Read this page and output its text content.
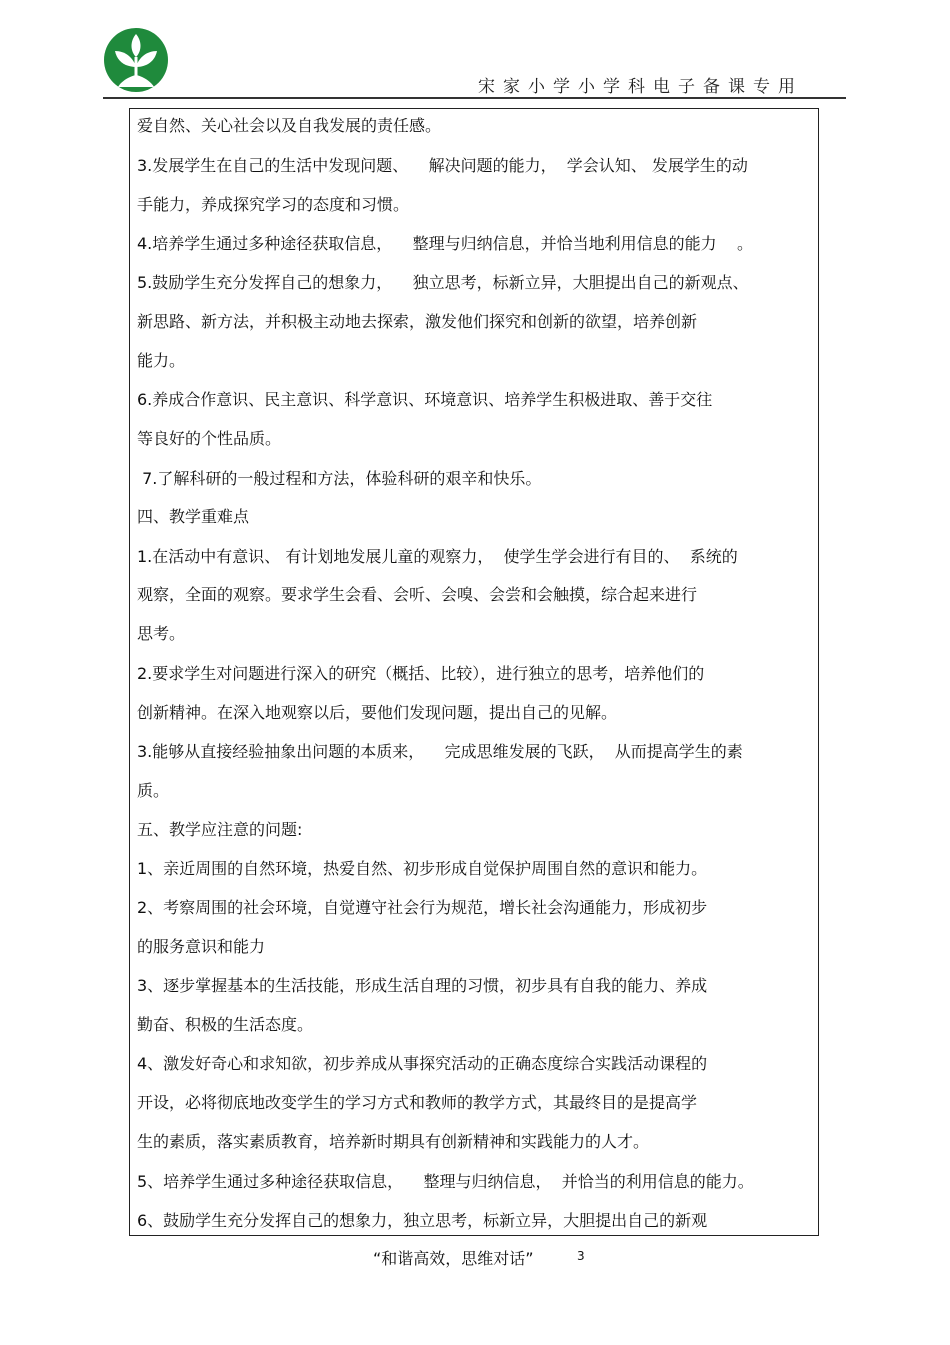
宋家小学小学科电子备课专用
爱自然、关心社会以及自我发展的责任感。
3.发展学生在自己的生活中发现问题、    解决问题的能力，  学会认知、 发展学生的动
手能力，养成探究学习的态度和习惯。
4.培养学生通过多种途径获取信息，    整理与归纳信息，并恰当地利用信息的能力    。
5.鼓励学生充分发挥自己的想象力，    独立思考，标新立异，大胆提出自己的新观点、
新思路、新方法，并积极主动地去探索，激发他们探究和创新的欲望，培养创新
能力。
6.养成合作意识、民主意识、科学意识、环境意识、培养学生积极进取、善于交往
等良好的个性品质。
7.了解科研的一般过程和方法，体验科研的艰辛和快乐。
四、教学重难点
1.在活动中有意识、 有计划地发展儿童的观察力，  使学生学会进行有目的、  系统的
观察，全面的观察。要求学生会看、会听、会嗅、会尝和会触摸，综合起来进行
思考。
2.要求学生对问题进行深入的研究（概括、比较），进行独立的思考，培养他们的
创新精神。在深入地观察以后，要他们发现问题，提出自己的见解。
3.能够从直接经验抽象出问题的本质来，    完成思维发展的飞跃，  从而提高学生的素
质。
五、教学应注意的问题:
1、亲近周围的自然环境，热爱自然、初步形成自觉保护周围自然的意识和能力。
2、考察周围的社会环境，自觉遵守社会行为规范，增长社会沟通能力，形成初步
的服务意识和能力
3、逐步掌握基本的生活技能，形成生活自理的习惯，初步具有自我的能力、养成
勤奋、积极的生活态度。
4、激发好奇心和求知欲，初步养成从事探究活动的正确态度综合实践活动课程的
开设，必将彻底地改变学生的学习方式和教师的教学方式，其最终目的是提高学
生的素质，落实素质教育，培养新时期具有创新精神和实践能力的人才。
5、培养学生通过多种途径获取信息，    整理与归纳信息，  并恰当的利用信息的能力。
6、鼓励学生充分发挥自己的想象力，独立思考，标新立异，大胆提出自己的新观
“和谐高效，思维对话”	3
